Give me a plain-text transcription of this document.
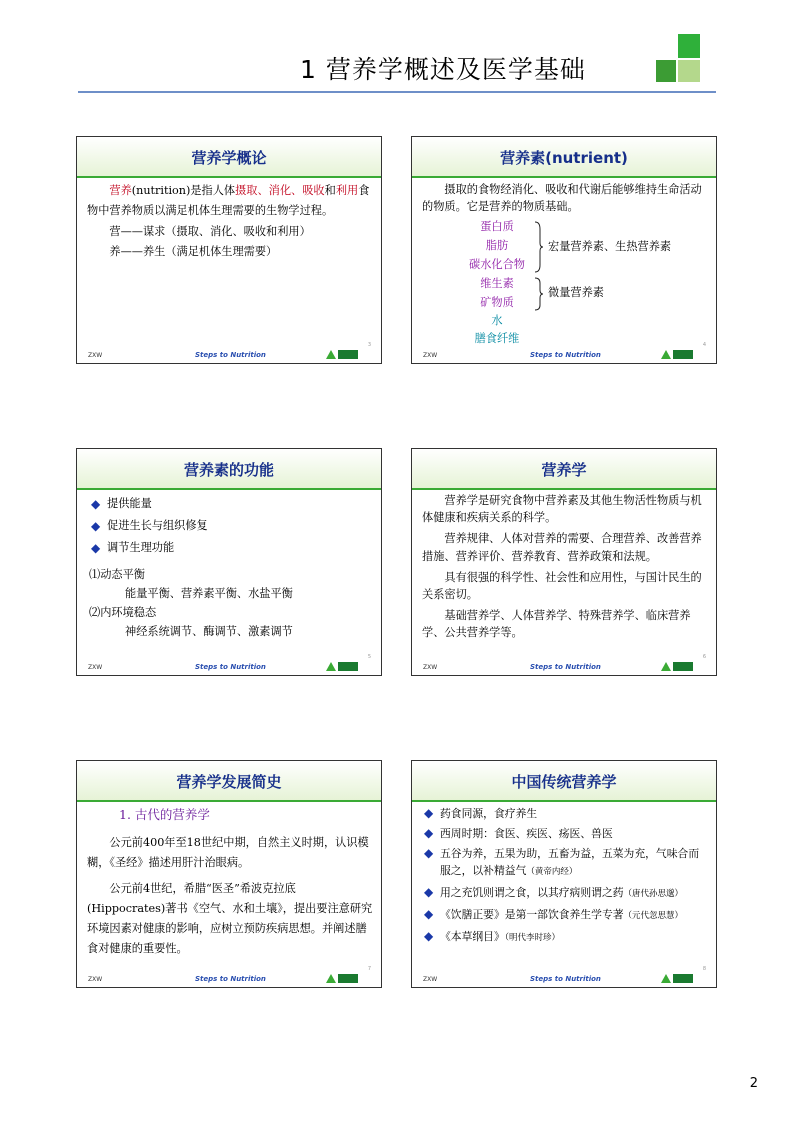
1 营养学概述及医学基础
营养学概论

营养(nutrition)是指人体摄取、消化、吸收和利用食物中营养物质以满足机体生理需要的生物学过程。

营——谋求（摄取、消化、吸收和利用）

养——养生（满足机体生理需要）

ZXW	Steps to Nutrition
3
营养素(nutrient)

摄取的食物经消化、吸收和代谢后能够维持生命活动的物质。它是营养的物质基础。

蛋白质
脂肪
碳水化合物
宏量营养素、生热营养素
维生素
矿物质
微量营养素
水
膳食纤维
ZXW	Steps to Nutrition
4
营养素的功能
◆ 提供能量
◆ 促进生长与组织修复
◆ 调节生理功能
⑴动态平衡
能量平衡、营养素平衡、水盐平衡
⑵内环境稳态
神经系统调节、酶调节、激素调节
ZXW	Steps to Nutrition
5
营养学

营养学是研究食物中营养素及其他生物活性物质与机体健康和疾病关系的科学。

营养规律、人体对营养的需要、合理营养、改善营养措施、营养评价、营养教育、营养政策和法规。

具有很强的科学性、社会性和应用性，与国计民生的关系密切。

基础营养学、人体营养学、特殊营养学、临床营养学、公共营养学等。

ZXW	Steps to Nutrition
6
营养学发展简史

1. 古代的营养学

公元前400年至18世纪中期，自然主义时期，认识模糊，《圣经》描述用肝汁治眼病。

公元前4世纪，希腊“医圣”希波克拉底(Hippocrates)著书《空气、水和土壤》，提出要注意研究环境因素对健康的影响，应树立预防疾病思想。并阐述膳食对健康的重要性。

ZXW	Steps to Nutrition
7
中国传统营养学
◆ 药食同源，食疗养生
◆ 西周时期：食医、疾医、疡医、兽医
◆ 五谷为养，五果为助，五畜为益，五菜为充，气味合而服之，以补精益气（黄帝内经）
◆ 用之充饥则谓之食，以其疗病则谓之药（唐代孙思邈）
◆ 《饮膳正要》是第一部饮食养生学专著（元代忽思慧）
◆ 《本草纲目》（明代李时珍）
ZXW	Steps to Nutrition
8
2
